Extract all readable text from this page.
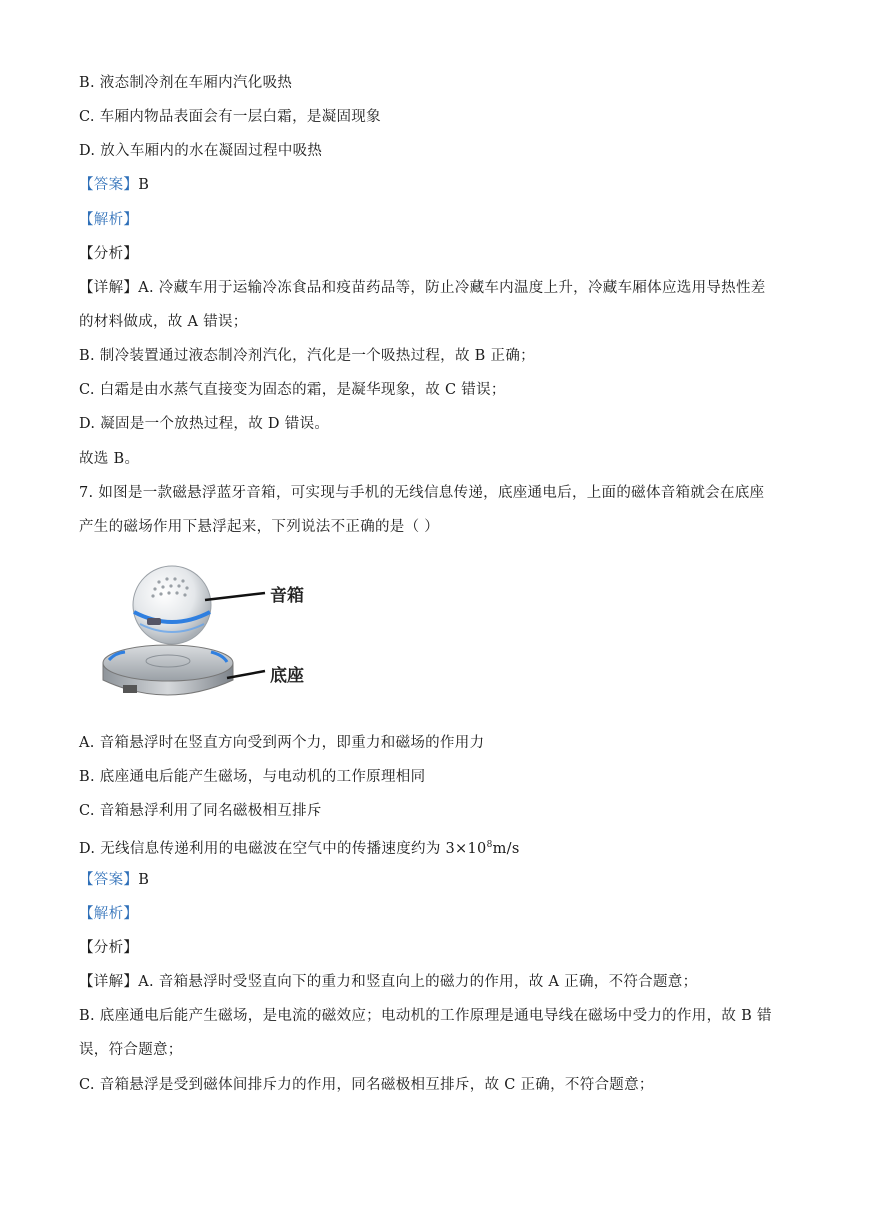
B. 液态制冷剂在车厢内汽化吸热
C. 车厢内物品表面会有一层白霜，是凝固现象
D. 放入车厢内的水在凝固过程中吸热
【答案】B
【解析】
【分析】
【详解】A. 冷藏车用于运输冷冻食品和疫苗药品等，防止冷藏车内温度上升，冷藏车厢体应选用导热性差
的材料做成，故 A 错误；
B. 制冷装置通过液态制冷剂汽化，汽化是一个吸热过程，故 B 正确；
C. 白霜是由水蒸气直接变为固态的霜，是凝华现象，故 C 错误；
D. 凝固是一个放热过程，故 D 错误。
故选 B。
7. 如图是一款磁悬浮蓝牙音箱，可实现与手机的无线信息传递，底座通电后，上面的磁体音箱就会在底座
产生的磁场作用下悬浮起来，下列说法不正确的是（ ）
音箱
底座
A. 音箱悬浮时在竖直方向受到两个力，即重力和磁场的作用力
B. 底座通电后能产生磁场，与电动机的工作原理相同
C. 音箱悬浮利用了同名磁极相互排斥
D. 无线信息传递利用的电磁波在空气中的传播速度约为 $3\times 10^8m/s$
【答案】B
【解析】
【分析】
【详解】A. 音箱悬浮时受竖直向下的重力和竖直向上的磁力的作用，故 A 正确，不符合题意；
B. 底座通电后能产生磁场，是电流的磁效应；电动机的工作原理是通电导线在磁场中受力的作用，故 B 错
误，符合题意；
C. 音箱悬浮是受到磁体间排斥力的作用，同名磁极相互排斥，故 C 正确，不符合题意；
